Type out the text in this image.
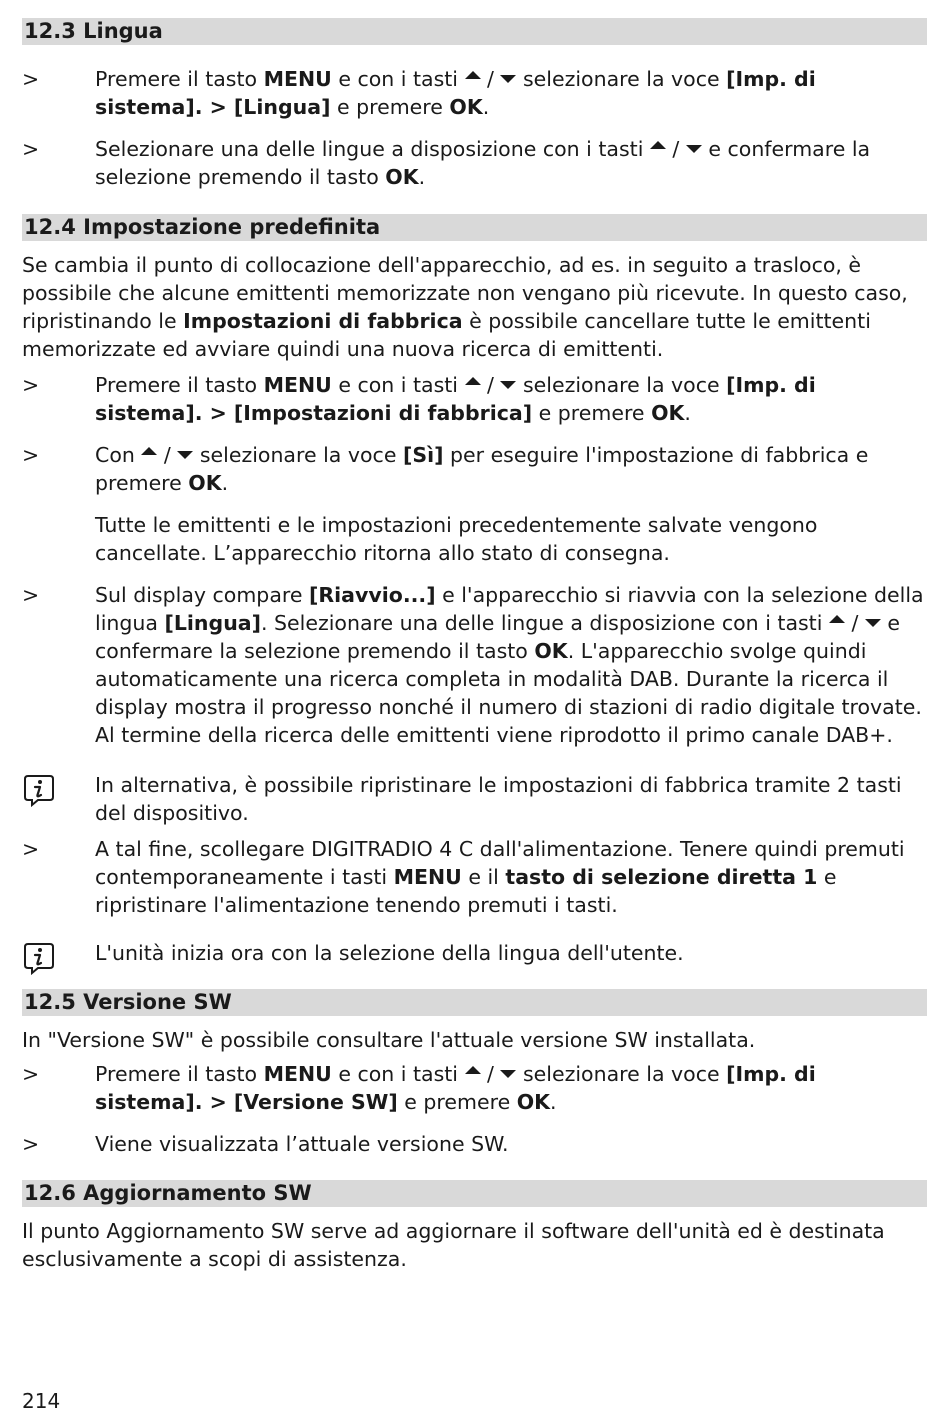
12.3 Lingua
>	Premere il tasto MENU e con i tasti  /  selezionare la voce [Imp. di sistema]. > [Lingua] e premere OK.
>	Selezionare una delle lingue a disposizione con i tasti  /  e confermare la selezione premendo il tasto OK.
12.4 Impostazione predefinita

Se cambia il punto di collocazione dell'apparecchio, ad es. in seguito a trasloco, è possibile che alcune emittenti memorizzate non vengano più ricevute. In questo caso, ripristinando le Impostazioni di fabbrica è possibile cancellare tutte le emittenti memorizzate ed avviare quindi una nuova ricerca di emittenti.

>	Premere il tasto MENU e con i tasti  /  selezionare la voce [Imp. di sistema]. > [Impostazioni di fabbrica] e premere OK.
>	Con  /  selezionare la voce [Sì] per eseguire l'impostazione di fabbrica e premere OK.
Tutte le emittenti e le impostazioni precedentemente salvate vengono cancellate. L’apparecchio ritorna allo stato di consegna.
>	Sul display compare [Riavvio...] e l'apparecchio si riavvia con la selezione della lingua [Lingua]. Selezionare una delle lingue a disposizione con i tasti  /  e confermare la selezione premendo il tasto OK. L'apparecchio svolge quindi automaticamente una ricerca completa in modalità DAB. Durante la ricerca il display mostra il progresso nonché il numero di stazioni di radio digitale trovate. Al termine della ricerca delle emittenti viene riprodotto il primo canale DAB+.
In alternativa, è possibile ripristinare le impostazioni di fabbrica tramite 2 tasti del dispositivo.
>	A tal fine, scollegare DIGITRADIO 4 C dall'alimentazione. Tenere quindi premuti contemporaneamente i tasti MENU e il tasto di selezione diretta 1 e ripristinare l'alimentazione tenendo premuti i tasti.
L'unità inizia ora con la selezione della lingua dell'utente.
12.5 Versione SW

In "Versione SW" è possibile consultare l'attuale versione SW installata.

>	Premere il tasto MENU e con i tasti  /  selezionare la voce [Imp. di sistema]. > [Versione SW] e premere OK.
>	Viene visualizzata l’attuale versione SW.
12.6 Aggiornamento SW

Il punto Aggiornamento SW serve ad aggiornare il software dell'unità ed è destinata esclusivamente a scopi di assistenza.

214
